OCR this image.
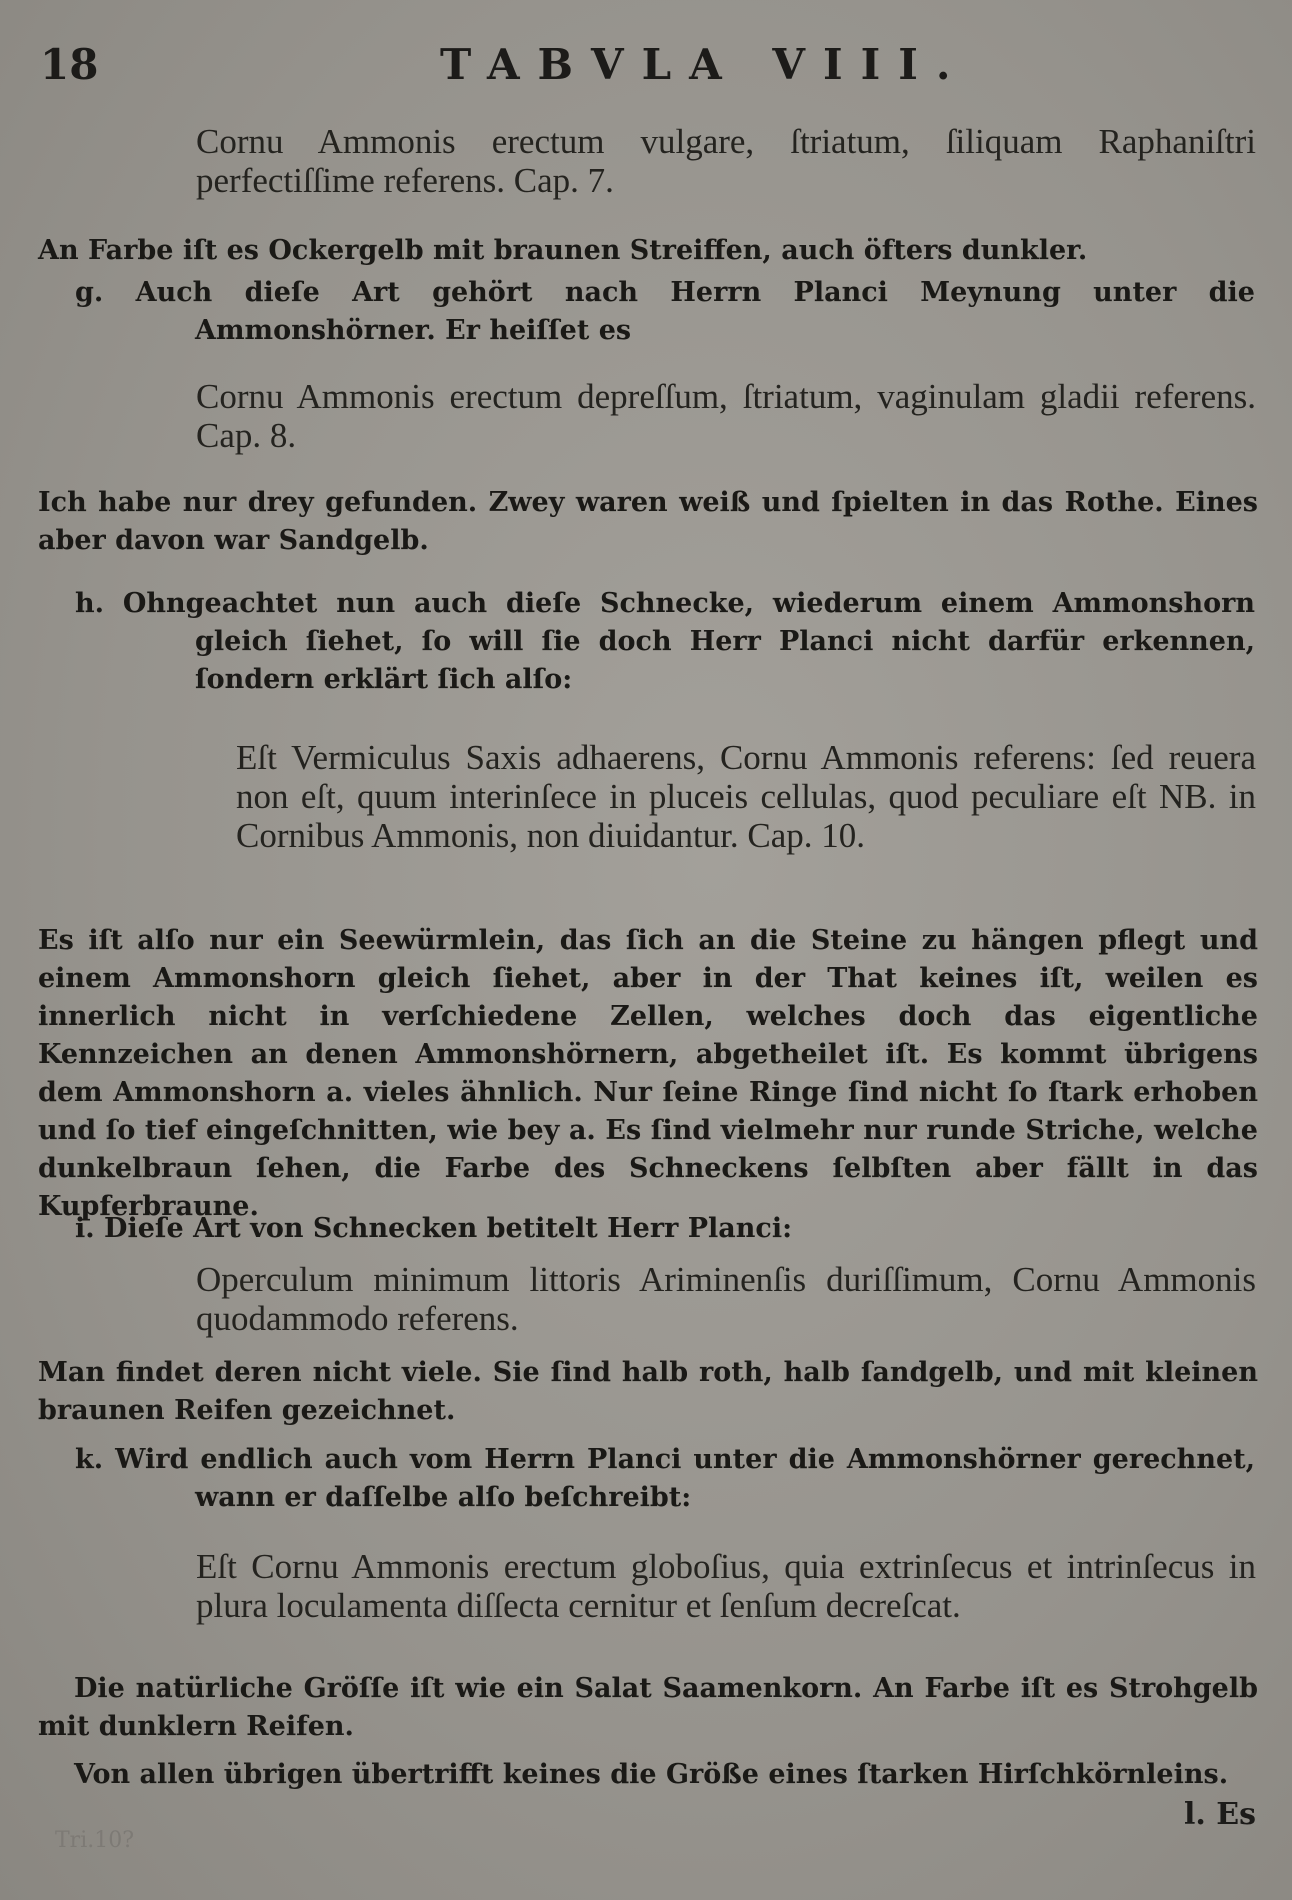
18	TABVLA VIII.

Cornu Ammonis erectum vulgare, ſtriatum, ſiliquam Raphaniſtri perfectiſſime referens. Cap. 7.

An Farbe iſt es Ockergelb mit braunen Streiffen, auch öfters dunkler.

g. Auch dieſe Art gehört nach Herrn Planci Meynung unter die Ammonshörner. Er heiſſet es

Cornu Ammonis erectum depreſſum, ſtriatum, vaginulam gladii referens. Cap. 8.

Ich habe nur drey gefunden. Zwey waren weiß und ſpielten in das Rothe. Eines aber davon war Sandgelb.

h. Ohngeachtet nun auch dieſe Schnecke, wiederum einem Ammonshorn gleich ſiehet, ſo will ſie doch Herr Planci nicht darfür erkennen, ſondern erklärt ſich alſo:

Eſt Vermiculus Saxis adhaerens, Cornu Ammonis referens: ſed reuera non eſt, quum interinſece in pluceis cellulas, quod peculiare eſt NB. in Cornibus Ammonis, non diuidantur. Cap. 10.

Es iſt alſo nur ein Seewürmlein, das ſich an die Steine zu hängen pflegt und einem Ammonshorn gleich ſiehet, aber in der That keines iſt, weilen es innerlich nicht in verſchiedene Zellen, welches doch das eigentliche Kennzeichen an denen Ammonshörnern, abgetheilet iſt. Es kommt übrigens dem Ammonshorn a. vieles ähnlich. Nur ſeine Ringe ſind nicht ſo ſtark erhoben und ſo tief eingeſchnitten, wie bey a. Es ſind vielmehr nur runde Striche, welche dunkelbraun ſehen, die Farbe des Schneckens ſelbſten aber fällt in das Kupferbraune.

i. Dieſe Art von Schnecken betitelt Herr Planci:

Operculum minimum littoris Ariminenſis duriſſimum, Cornu Ammonis quodammodo referens.

Man findet deren nicht viele. Sie ſind halb roth, halb ſandgelb, und mit kleinen braunen Reifen gezeichnet.

k. Wird endlich auch vom Herrn Planci unter die Ammonshörner gerechnet, wann er daſſelbe alſo beſchreibt:

Eſt Cornu Ammonis erectum globoſius, quia extrinſecus et intrinſecus in plura loculamenta diſſecta cernitur et ſenſum decreſcat.

Die natürliche Gröſſe iſt wie ein Salat Saamenkorn. An Farbe iſt es Strohgelb mit dunklern Reifen.

Von allen übrigen übertrifft keines die Größe eines ſtarken Hirſchkörnleins.

l. Es
Tri.10?
